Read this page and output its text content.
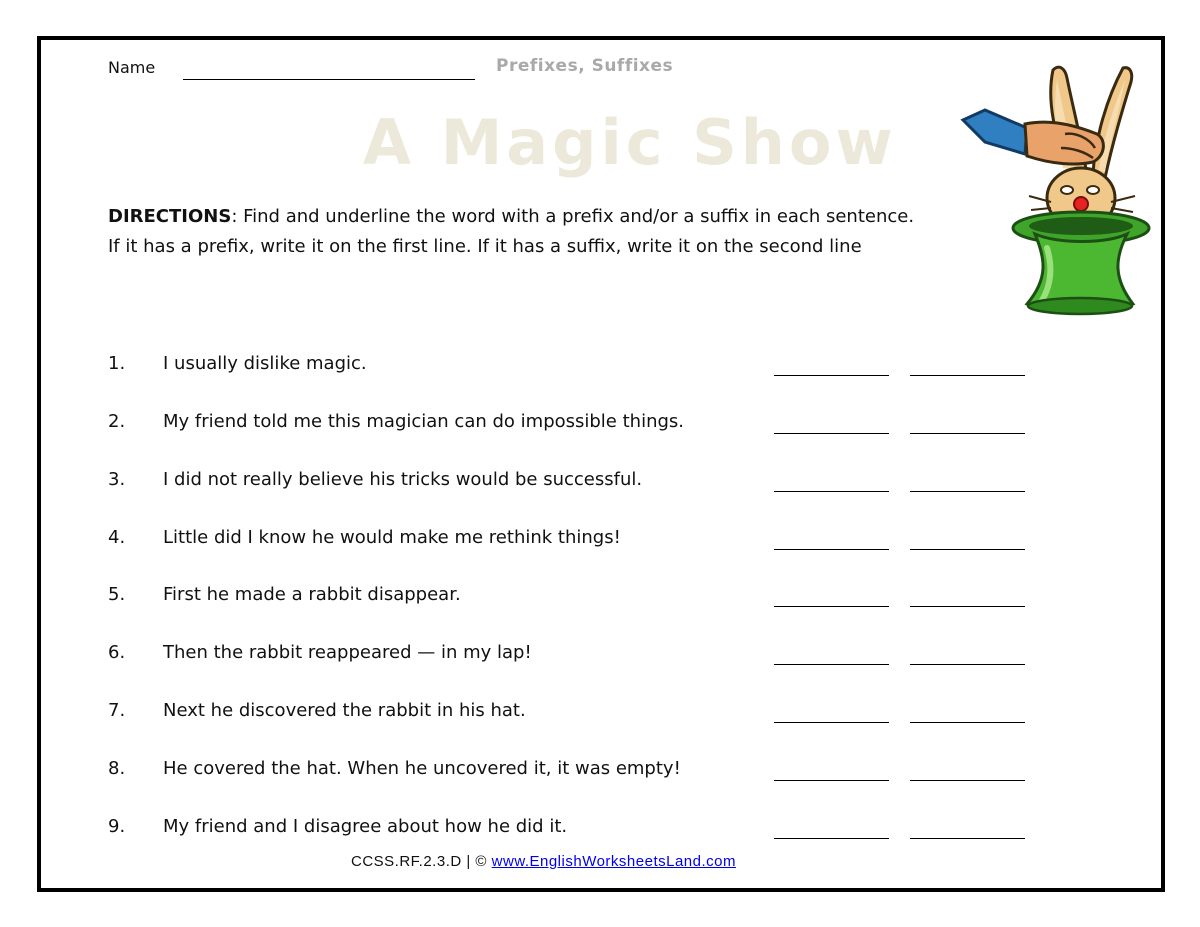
Name	Prefixes, Suffixes
A Magic Show
DIRECTIONS: Find and underline the word with a prefix and/or a suffix in each sentence. If it has a prefix, write it on the first line. If it has a suffix, write it on the second line
1. I usually dislike magic.
2. My friend told me this magician can do impossible things.
3. I did not really believe his tricks would be successful.
4. Little did I know he would make me rethink things!
5. First he made a rabbit disappear.
6. Then the rabbit reappeared — in my lap!
7. Next he discovered the rabbit in his hat.
8. He covered the hat. When he uncovered it, it was empty!
9. My friend and I disagree about how he did it.
CCSS.RF.2.3.D | © www.EnglishWorksheetsLand.com
